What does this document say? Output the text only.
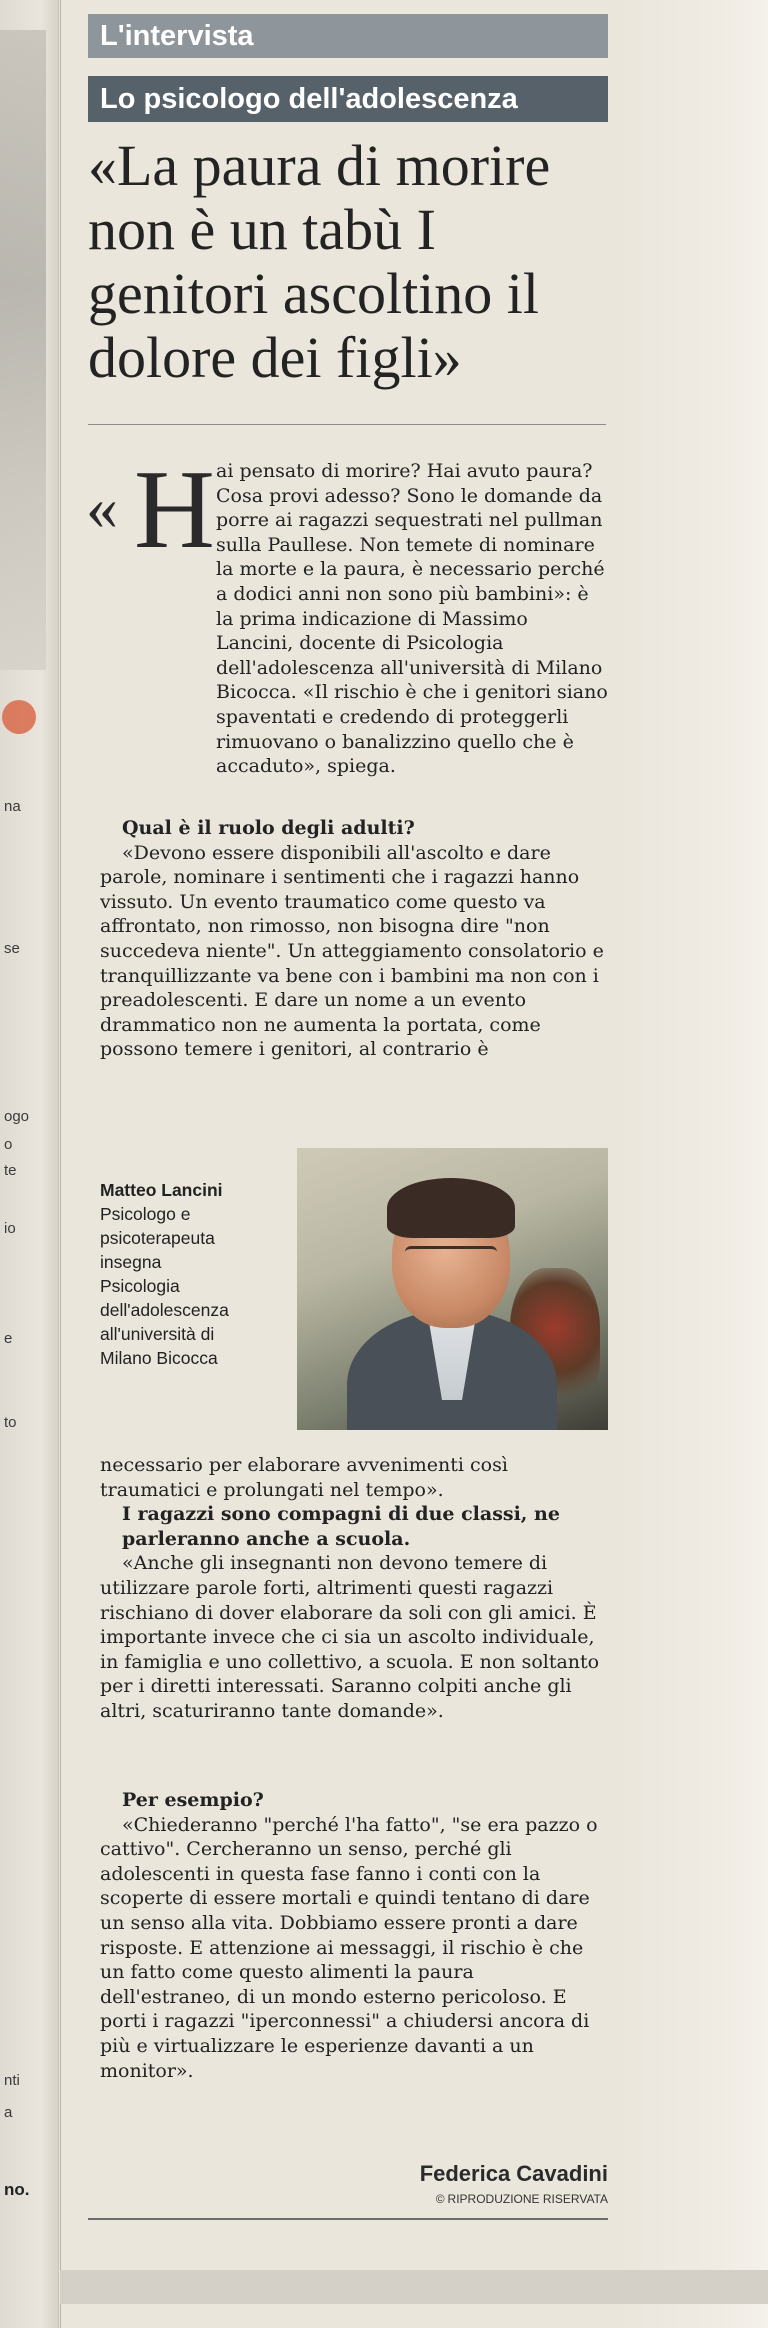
na
se
ogo
o
te
io
e
to
nti
a
no.
L'intervista
Lo psicologo dell'adolescenza
«La paura di morire non è un tabù I genitori ascoltino il dolore dei figli»
« H ai pensato di morire? Hai avuto paura? Cosa provi adesso? Sono le domande da porre ai ragazzi sequestrati nel pullman sulla Paullese. Non temete di nominare la morte e la paura, è necessario perché a dodici anni non sono più bambini»: è la prima indicazione di Massimo Lancini, docente di Psicologia dell'adolescenza all'università di Milano Bicocca. «Il rischio è che i genitori siano spaventati e credendo di proteggerli rimuovano o banalizzino quello che è accaduto», spiega.

Qual è il ruolo degli adulti?

«Devono essere disponibili all'ascolto e dare parole, nominare i sentimenti che i ragazzi hanno vissuto. Un evento traumatico come questo va affrontato, non rimosso, non bisogna dire "non succedeva niente". Un atteggiamento consolatorio e tranquillizzante va bene con i bambini ma non con i preadolescenti. E dare un nome a un evento drammatico non ne aumenta la portata, come possono temere i genitori, al contrario è

Matteo Lancini
Psicologo e
psicoterapeuta
insegna
Psicologia
dell'adolescenza
all'università di
Milano Bicocca

necessario per elaborare avvenimenti così traumatici e prolungati nel tempo».

I ragazzi sono compagni di due classi, ne parleranno anche a scuola.

«Anche gli insegnanti non devono temere di utilizzare parole forti, altrimenti questi ragazzi rischiano di dover elaborare da soli con gli amici. È importante invece che ci sia un ascolto individuale, in famiglia e uno collettivo, a scuola. E non soltanto per i diretti interessati. Saranno colpiti anche gli altri, scaturiranno tante domande».

Per esempio?

«Chiederanno "perché l'ha fatto", "se era pazzo o cattivo". Cercheranno un senso, perché gli adolescenti in questa fase fanno i conti con la scoperte di essere mortali e quindi tentano di dare un senso alla vita. Dobbiamo essere pronti a dare risposte. E attenzione ai messaggi, il rischio è che un fatto come questo alimenti la paura dell'estraneo, di un mondo esterno pericoloso. E porti i ragazzi "iperconnessi" a chiudersi ancora di più e virtualizzare le esperienze davanti a un monitor».

Federica Cavadini
© RIPRODUZIONE RISERVATA
